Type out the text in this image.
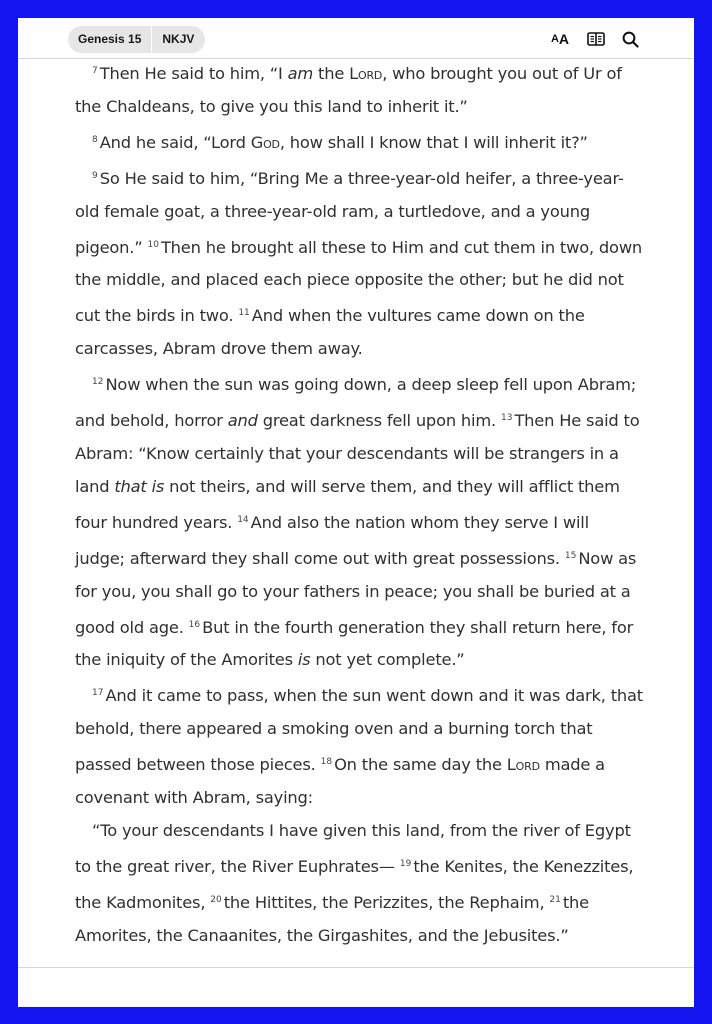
Genesis 15	NKJV	A A

$^7$ Then He said to him, “I am the Lord, who brought you out of Ur of the Chaldeans, to give you this land to inherit it.”

$^8$ And he said, “Lord God, how shall I know that I will inherit it?”

$^9$ So He said to him, “Bring Me a three-year-old heifer, a three-year-old female goat, a three-year-old ram, a turtledove, and a young pigeon.” $^{10}$ Then he brought all these to Him and cut them in two, down the middle, and placed each piece opposite the other; but he did not cut the birds in two. $^{11}$ And when the vultures came down on the carcasses, Abram drove them away.

$^{12}$ Now when the sun was going down, a deep sleep fell upon Abram; and behold, horror and great darkness fell upon him. $^{13}$ Then He said to Abram: “Know certainly that your descendants will be strangers in a land that is not theirs, and will serve them, and they will afflict them four hundred years. $^{14}$ And also the nation whom they serve I will judge; afterward they shall come out with great possessions. $^{15}$ Now as for you, you shall go to your fathers in peace; you shall be buried at a good old age. $^{16}$ But in the fourth generation they shall return here, for the iniquity of the Amorites is not yet complete.”

$^{17}$ And it came to pass, when the sun went down and it was dark, that behold, there appeared a smoking oven and a burning torch that passed between those pieces. $^{18}$ On the same day the Lord made a covenant with Abram, saying:

“To your descendants I have given this land, from the river of Egypt to the great river, the River Euphrates— $^{19}$ the Kenites, the Kenezzites, the Kadmonites, $^{20}$ the Hittites, the Perizzites, the Rephaim, $^{21}$ the Amorites, the Canaanites, the Girgashites, and the Jebusites.”
